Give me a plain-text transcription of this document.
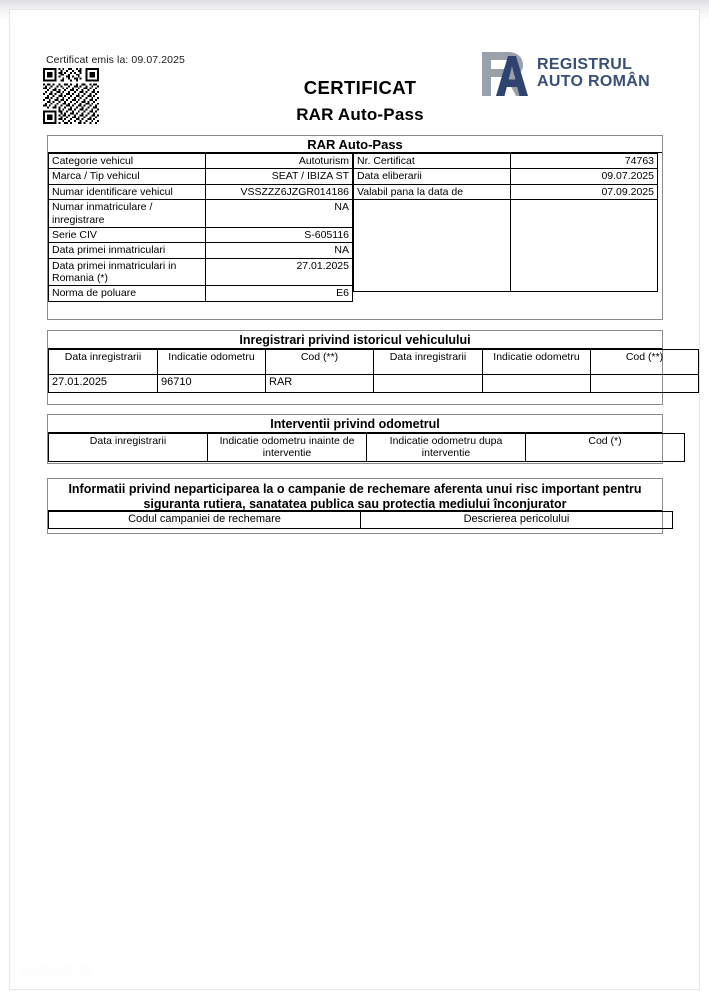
Certificat emis la: 09.07.2025
CERTIFICAT
RAR Auto-Pass
REGISTRUL
AUTO ROMÂN
RAR Auto-Pass
Categorie vehicul	Autoturism
Marca / Tip vehicul	SEAT / IBIZA ST
Numar identificare vehicul	VSSZZZ6JZGR014186
Numar inmatriculare / inregistrare	NA
Serie CIV	S-605116
Data primei inmatriculari	NA
Data primei inmatriculari in Romania (*)	27.01.2025
Norma de poluare	E6
Nr. Certificat	74763
Data eliberarii	09.07.2025
Valabil pana la data de	07.09.2025

Inregistrari privind istoricul vehiculului
Data inregistrarii	Indicatie odometru	Cod (**)	Data inregistrarii	Indicatie odometru	Cod (**)
27.01.2025	96710	RAR			
Interventii privind odometrul
Data inregistrarii	Indicatie odometru inainte de interventie	Indicatie odometru dupa interventie	Cod (*)
Informatii privind neparticiparea la o campanie de rechemare aferenta unui risc important pentru siguranta rutiera, sanatatea publica sau protectia mediului înconjurator
Codul campaniei de rechemare	Descrierea pericolului
autovit.ro
